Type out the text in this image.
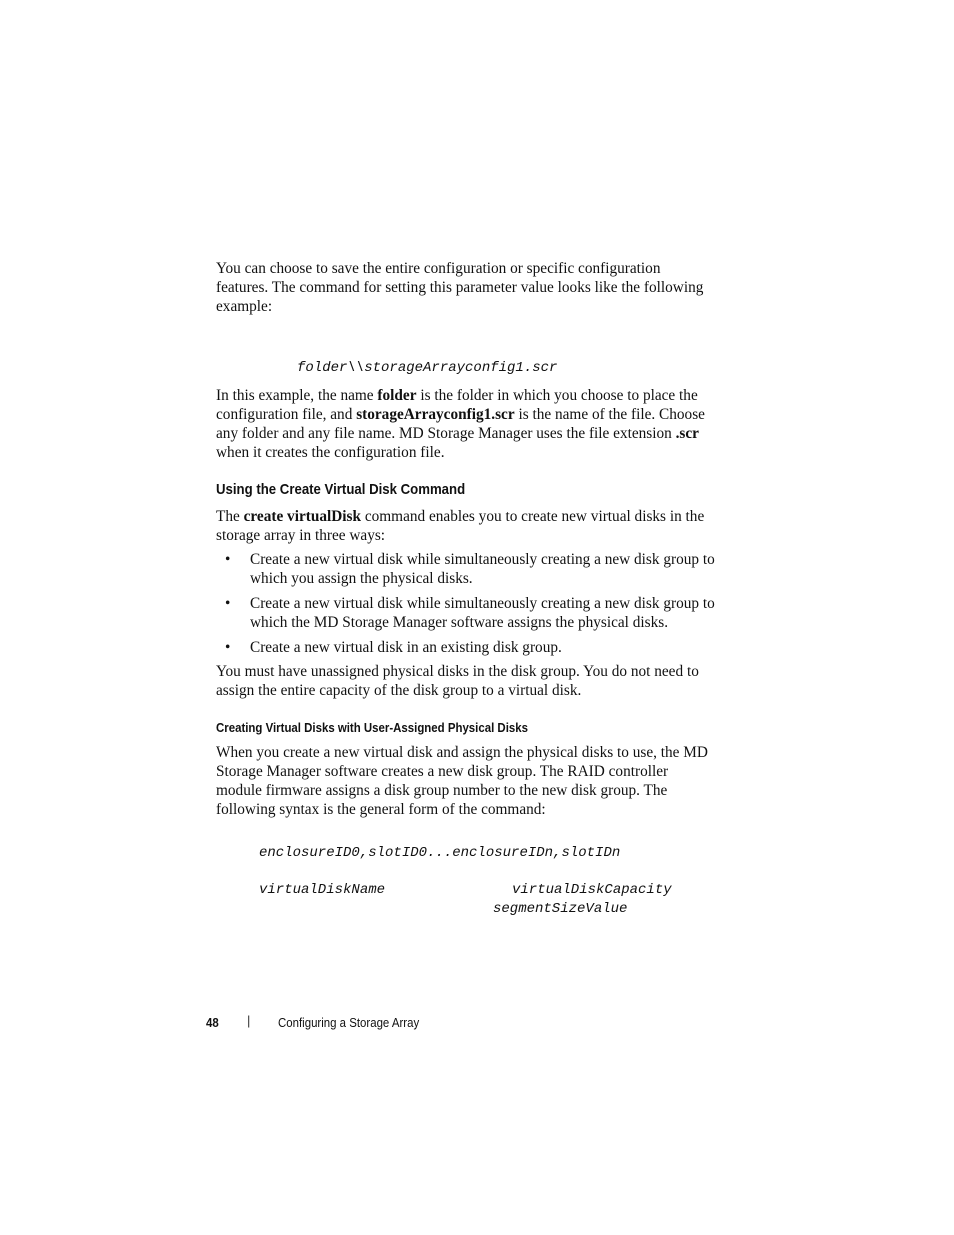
You can choose to save the entire configuration or specific configuration features. The command for setting this parameter value looks like the following example:

folder\\storageArrayconfig1.scr

In this example, the name folder is the folder in which you choose to place the configuration file, and storageArrayconfig1.scr is the name of the file. Choose any folder and any file name. MD Storage Manager uses the file extension .scr when it creates the configuration file.

Using the Create Virtual Disk Command

The create virtualDisk command enables you to create new virtual disks in the storage array in three ways:

• Create a new virtual disk while simultaneously creating a new disk group to which you assign the physical disks.
• Create a new virtual disk while simultaneously creating a new disk group to which the MD Storage Manager software assigns the physical disks.
• Create a new virtual disk in an existing disk group.

You must have unassigned physical disks in the disk group. You do not need to assign the entire capacity of the disk group to a virtual disk.

Creating Virtual Disks with User-Assigned Physical Disks

When you create a new virtual disk and assign the physical disks to use, the MD Storage Manager software creates a new disk group. The RAID controller module firmware assigns a disk group number to the new disk group. The following syntax is the general form of the command:

enclosureID0,slotID0...enclosureIDn,slotIDn

virtualDiskName	virtualDiskCapacity

segmentSizeValue

48 | Configuring a Storage Array
